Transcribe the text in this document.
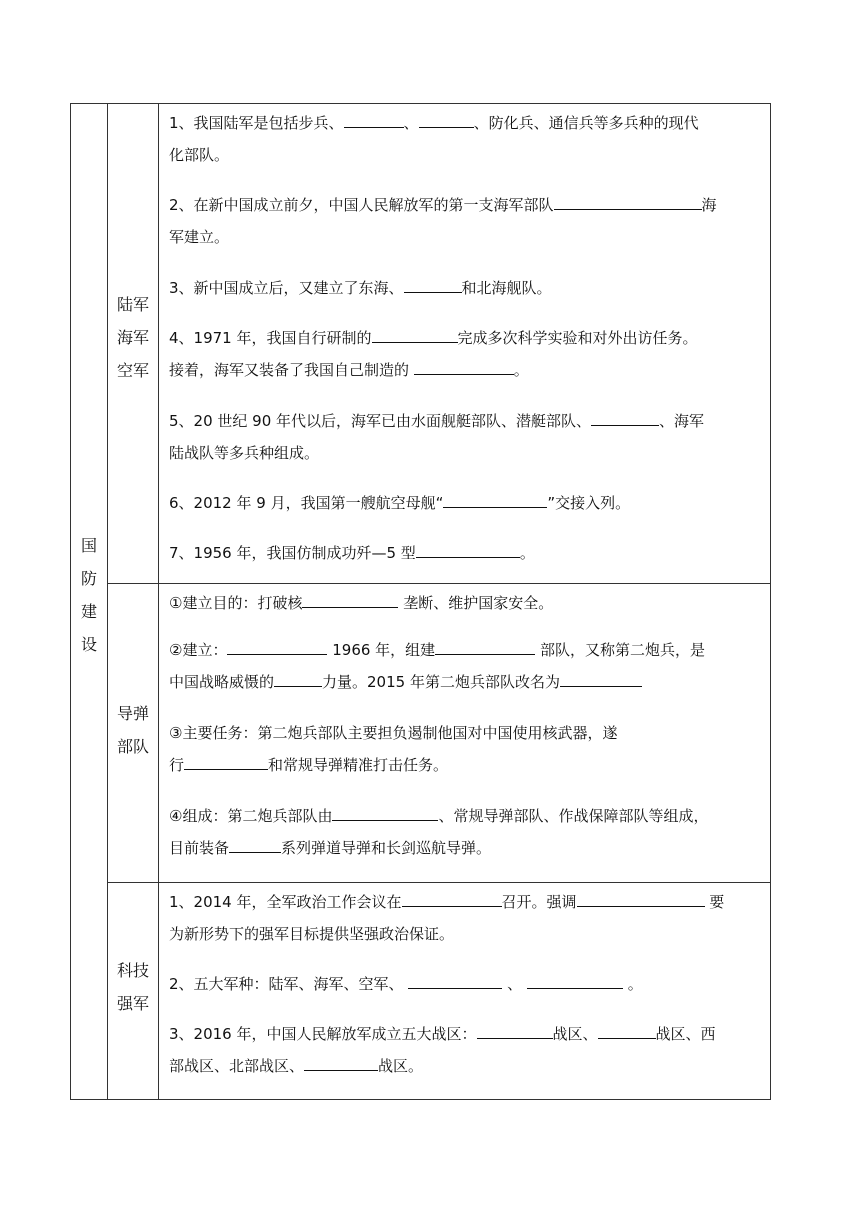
国
防
建
设
陆军
海军
空军
1、我国陆军是包括步兵、	、	、防化兵、通信兵等多兵种的现代
化部队。
2、在新中国成立前夕，中国人民解放军的第一支海军部队	海
军建立。
3、新中国成立后，又建立了东海、	和北海舰队。
4、1971 年，我国自行研制的	完成多次科学实验和对外出访任务。
接着，海军又装备了我国自己制造的	。
5、20 世纪 90 年代以后，海军已由水面舰艇部队、潜艇部队、	、海军
陆战队等多兵种组成。
6、2012 年 9 月，我国第一艘航空母舰“	”交接入列。
7、1956 年，我国仿制成功歼—5 型	。
导弹
部队
①建立目的：打破核	垄断、维护国家安全。
②建立：	1966 年，组建	部队，又称第二炮兵，是
中国战略威慑的	力量。2015 年第二炮兵部队改名为
③主要任务：第二炮兵部队主要担负遏制他国对中国使用核武器，遂
行	和常规导弹精准打击任务。
④组成：第二炮兵部队由	、常规导弹部队、作战保障部队等组成，
目前装备	系列弹道导弹和长剑巡航导弹。
科技
强军
1、2014 年，全军政治工作会议在	召开。强调	要
为新形势下的强军目标提供坚强政治保证。
2、五大军种：陆军、海军、空军、	、	。
3、2016 年，中国人民解放军成立五大战区：	战区、	战区、西
部战区、北部战区、	战区。
